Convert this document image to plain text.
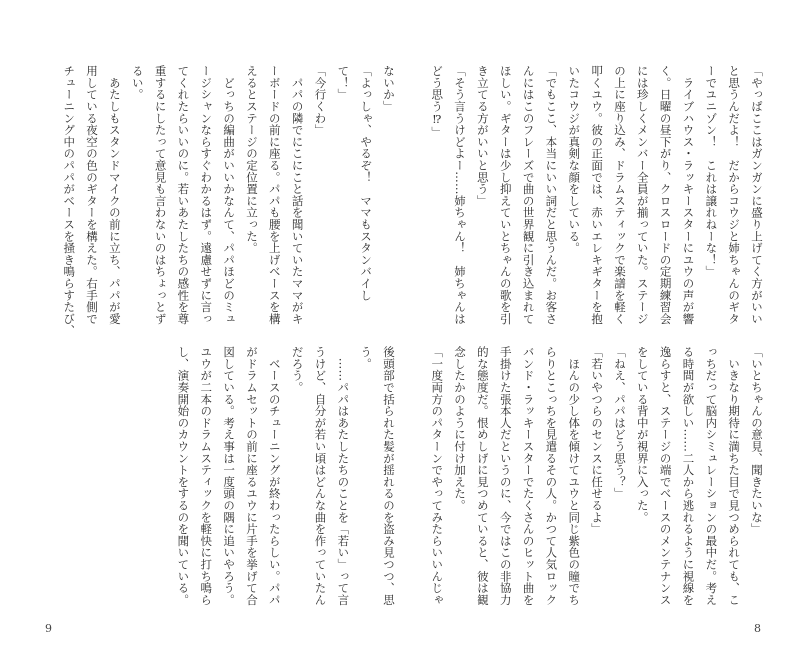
「やっぱここはガンガンに盛り上げてく方がいい
と思うんだよ！　だからコウジと姉ちゃんのギタ
ーでユニゾン！　これは譲れねーな！」
　ライブハウス・ラッキースターにユウの声が響
く。日曜の昼下がり、クロスロードの定期練習会
には珍しくメンバー全員が揃っていた。ステージ
の上に座り込み、ドラムスティックで楽譜を軽く
叩くユウ。彼の正面では、赤いエレキギターを抱
いたコウジが真剣な顔をしている。
「でもここ、本当にいい詞だと思うんだ。お客さ
んにはこのフレーズで曲の世界観に引き込まれて
ほしい。ギターは少し抑えていとちゃんの歌を引
き立てる方がいいと思う」
「そう言うけどよー……姉ちゃん！　姉ちゃんは
どう思う⁉」
「いとちゃんの意見、聞きたいな」
　いきなり期待に満ちた目で見つめられても、こ
っちだって脳内シミュレーションの最中だ。考え
る時間が欲しい……二人から逃れるように視線を
逸らすと、ステージの端でベースのメンテナンス
をしている背中が視界に入った。
「ねえ、パパはどう思う？」
「若いやつらのセンスに任せるよ」
　ほんの少し体を傾けてユウと同じ紫色の瞳でち
らりとこっちを見遣るその人。かつて人気ロック
バンド・ラッキースターでたくさんのヒット曲を
手掛けた張本人だというのに、今ではこの非協力
的な態度だ。恨めしげに見つめていると、彼は観
念したかのように付け加えた。
「一度両方のパターンでやってみたらいいんじゃ
ないか」
「よっしゃ、やるぞ！　ママもスタンバイし
て！」
「今行くわ」
　パパの隣でにこにこと話を聞いていたママがキ
ーボードの前に座る。パパも腰を上げベースを構
えるとステージの定位置に立った。
　どっちの編曲がいいかなんて、パパほどのミュ
ージシャンならすぐわかるはず。遠慮せずに言っ
てくれたらいいのに。若いあたしたちの感性を尊
重するにしたって意見も言わないのはちょっとず
るい。
　あたしもスタンドマイクの前に立ち、パパが愛
用している夜空の色のギターを構えた。右手側で
チューニング中のパパがベースを掻き鳴らすたび、
後頭部で括られた髪が揺れるのを盗み見つつ、思
う。
　……パパはあたしたちのことを「若い」って言
うけど、自分が若い頃はどんな曲を作っていたん
だろう。
　ベースのチューニングが終わったらしい。パパ
がドラムセットの前に座るユウに片手を挙げて合
図している。考え事は一度頭の隅に追いやろう。
ユウが二本のドラムスティックを軽快に打ち鳴ら
し、演奏開始のカウントをするのを聞いている。
9	8
